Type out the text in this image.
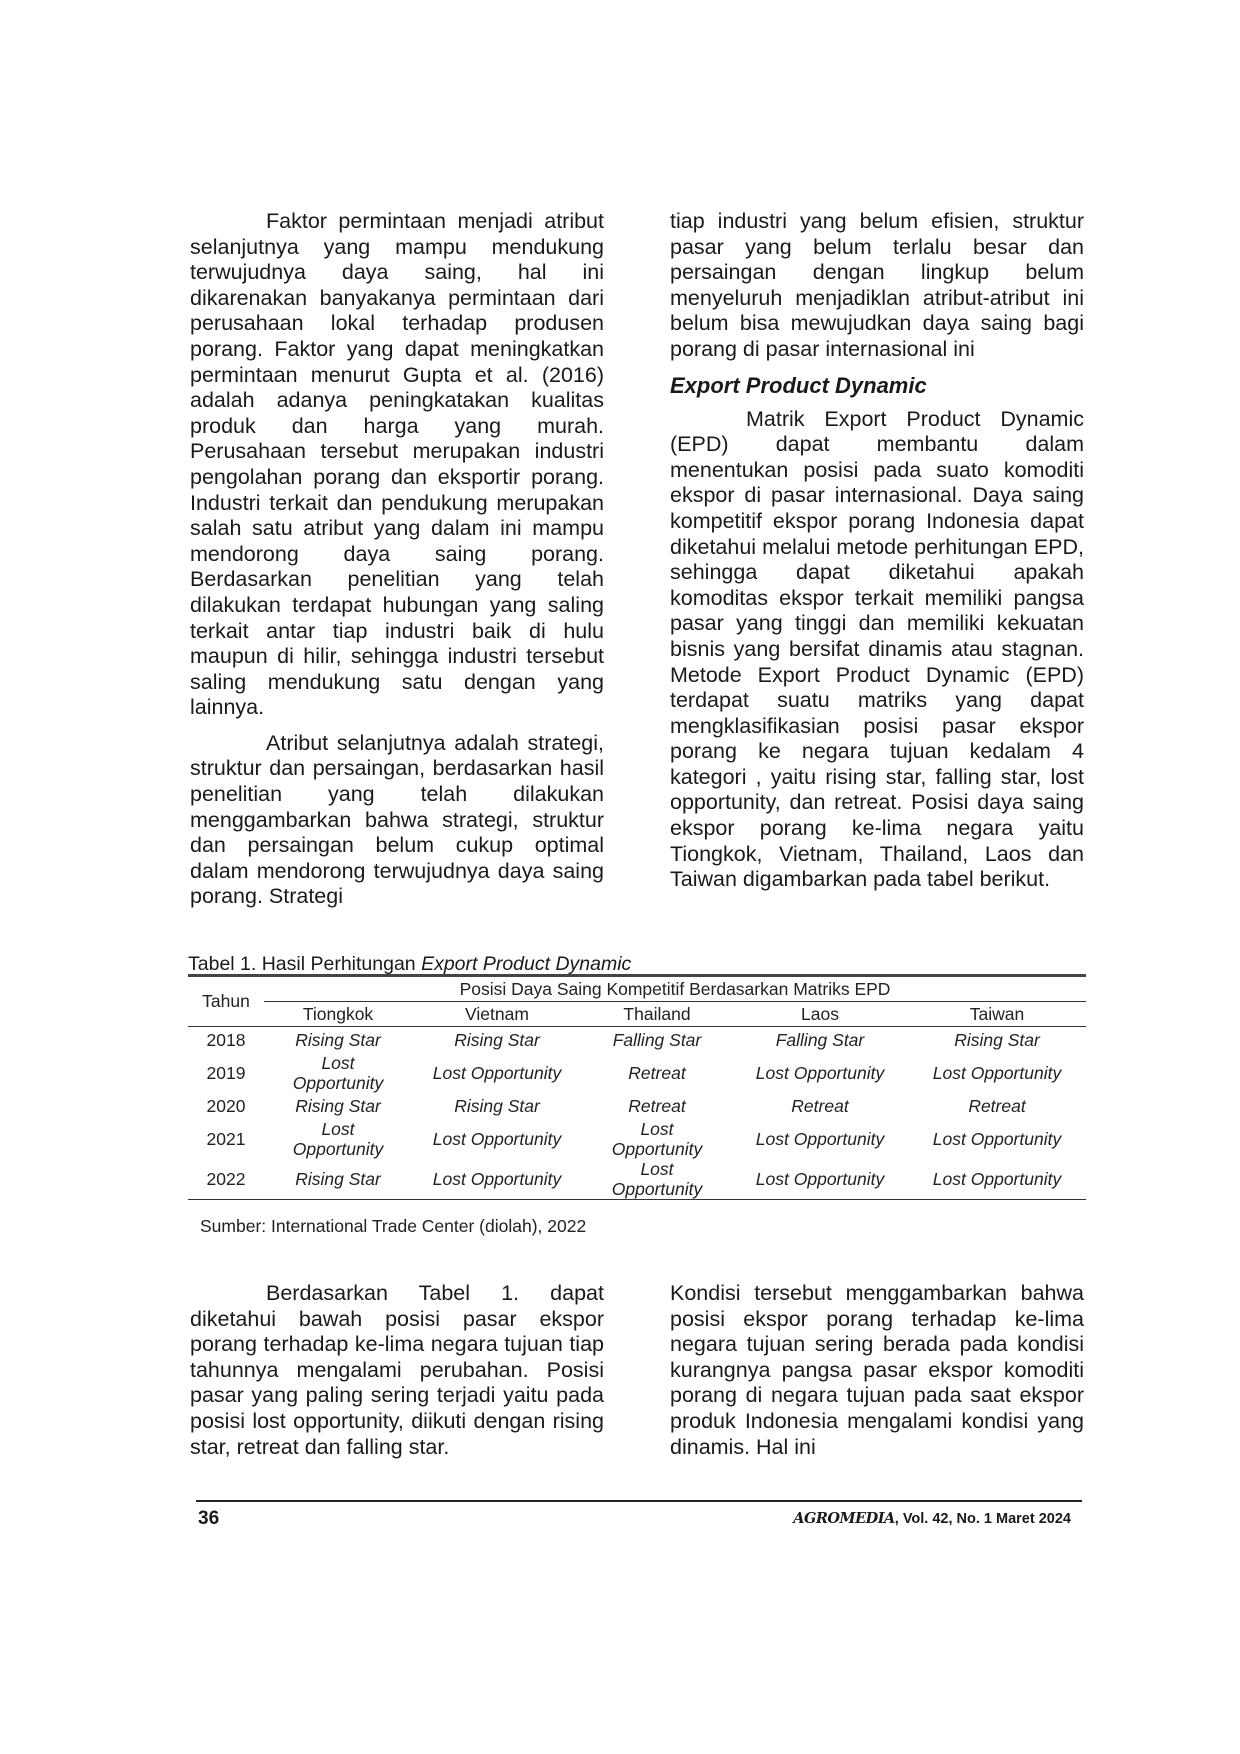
Faktor permintaan menjadi atribut selanjutnya yang mampu mendukung terwujudnya daya saing, hal ini dikarenakan banyakanya permintaan dari perusahaan lokal terhadap produsen porang. Faktor yang dapat meningkatkan permintaan menurut Gupta et al. (2016) adalah adanya peningkatakan kualitas produk dan harga yang murah. Perusahaan tersebut merupakan industri pengolahan porang dan eksportir porang. Industri terkait dan pendukung merupakan salah satu atribut yang dalam ini mampu mendorong daya saing porang. Berdasarkan penelitian yang telah dilakukan terdapat hubungan yang saling terkait antar tiap industri baik di hulu maupun di hilir, sehingga industri tersebut saling mendukung satu dengan yang lainnya.

Atribut selanjutnya adalah strategi, struktur dan persaingan, berdasarkan hasil penelitian yang telah dilakukan menggambarkan bahwa strategi, struktur dan persaingan belum cukup optimal dalam mendorong terwujudnya daya saing porang. Strategi

tiap industri yang belum efisien, struktur pasar yang belum terlalu besar dan persaingan dengan lingkup belum menyeluruh menjadiklan atribut-atribut ini belum bisa mewujudkan daya saing bagi porang di pasar internasional ini

Export Product Dynamic

Matrik Export Product Dynamic (EPD) dapat membantu dalam menentukan posisi pada suato komoditi ekspor di pasar internasional. Daya saing kompetitif ekspor porang Indonesia dapat diketahui melalui metode perhitungan EPD, sehingga dapat diketahui apakah komoditas ekspor terkait memiliki pangsa pasar yang tinggi dan memiliki kekuatan bisnis yang bersifat dinamis atau stagnan. Metode Export Product Dynamic (EPD) terdapat suatu matriks yang dapat mengklasifikasian posisi pasar ekspor porang ke negara tujuan kedalam 4 kategori , yaitu rising star, falling star, lost opportunity, dan retreat. Posisi daya saing ekspor porang ke-lima negara yaitu Tiongkok, Vietnam, Thailand, Laos dan Taiwan digambarkan pada tabel berikut.

Tabel 1. Hasil Perhitungan Export Product Dynamic
Tahun	Posisi Daya Saing Kompetitif Berdasarkan Matriks EPD				
	Tiongkok	Vietnam	Thailand	Laos	Taiwan
2018	Rising Star	Rising Star	Falling Star	Falling Star	Rising Star
2019	Lost Opportunity	Lost Opportunity	Retreat	Lost Opportunity	Lost Opportunity
2020	Rising Star	Rising Star	Retreat	Retreat	Retreat
2021	Lost Opportunity	Lost Opportunity	Lost Opportunity	Lost Opportunity	Lost Opportunity
2022	Rising Star	Lost Opportunity	Lost Opportunity	Lost Opportunity	Lost Opportunity
Sumber: International Trade Center (diolah), 2022

Berdasarkan Tabel 1. dapat diketahui bawah posisi pasar ekspor porang terhadap ke-lima negara tujuan tiap tahunnya mengalami perubahan. Posisi pasar yang paling sering terjadi yaitu pada posisi lost opportunity, diikuti dengan rising star, retreat dan falling star.

Kondisi tersebut menggambarkan bahwa posisi ekspor porang terhadap ke-lima negara tujuan sering berada pada kondisi kurangnya pangsa pasar ekspor komoditi porang di negara tujuan pada saat ekspor produk Indonesia mengalami kondisi yang dinamis. Hal ini

36	AGROMEDIA, Vol. 42, No. 1 Maret 2024
